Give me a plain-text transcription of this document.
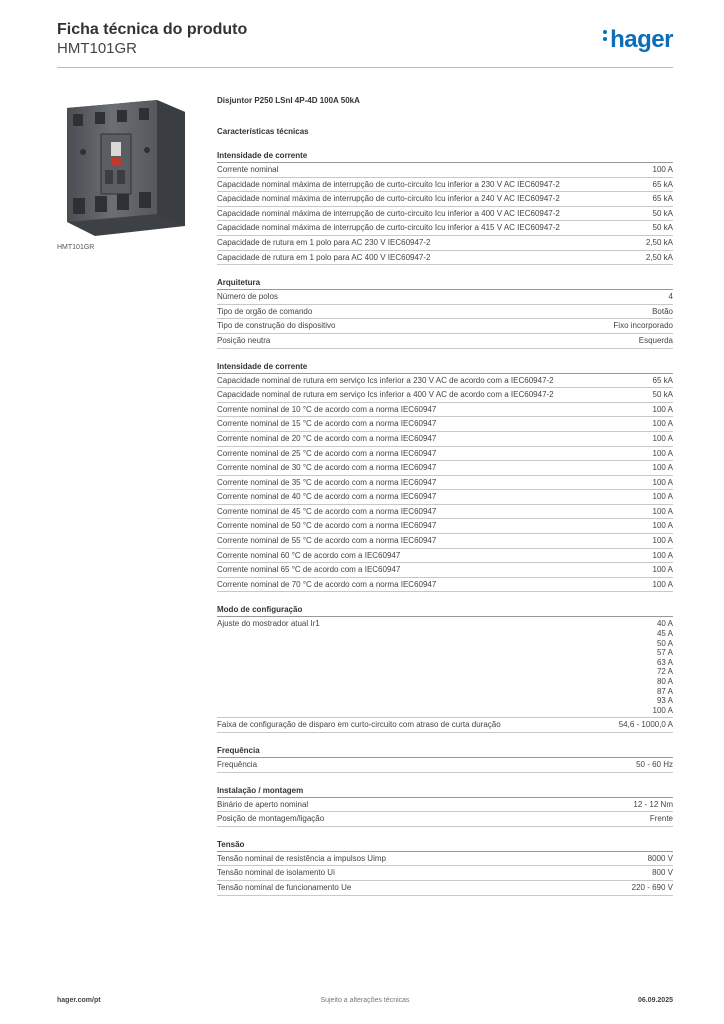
Ficha técnica do produto
HMT101GR	hager
HMT101GR
Disjuntor P250 LSnI 4P-4D 100A 50kA
Características técnicas
Intensidade de corrente
Corrente nominal	100 A
Capacidade nominal máxima de interrupção de curto-circuito Icu inferior a 230 V AC IEC60947-2	65 kA
Capacidade nominal máxima de interrupção de curto-circuito Icu inferior a 240 V AC IEC60947-2	65 kA
Capacidade nominal máxima de interrupção de curto-circuito Icu inferior a 400 V AC IEC60947-2	50 kA
Capacidade nominal máxima de interrupção de curto-circuito Icu inferior a 415 V AC IEC60947-2	50 kA
Capacidade de rutura em 1 polo para AC 230 V IEC60947-2	2,50 kA
Capacidade de rutura em 1 polo para AC 400 V IEC60947-2	2,50 kA
Arquitetura
Número de polos	4
Tipo de orgão de comando	Botão
Tipo de construção do dispositivo	Fixo incorporado
Posição neutra	Esquerda
Intensidade de corrente
Capacidade nominal de rutura em serviço Ics inferior a 230 V AC de acordo com a IEC60947-2	65 kA
Capacidade nominal de rutura em serviço Ics inferior a 400 V AC de acordo com a IEC60947-2	50 kA
Corrente nominal de 10 °C de acordo com a norma IEC60947	100 A
Corrente nominal de 15 °C de acordo com a norma IEC60947	100 A
Corrente nominal de 20 °C de acordo com a norma IEC60947	100 A
Corrente nominal de 25 °C de acordo com a norma IEC60947	100 A
Corrente nominal de 30 °C de acordo com a norma IEC60947	100 A
Corrente nominal de 35 °C de acordo com a norma IEC60947	100 A
Corrente nominal de 40 °C de acordo com a norma IEC60947	100 A
Corrente nominal de 45 °C de acordo com a norma IEC60947	100 A
Corrente nominal de 50 °C de acordo com a norma IEC60947	100 A
Corrente nominal de 55 °C de acordo com a norma IEC60947	100 A
Corrente nominal 60 °C de acordo com a IEC60947	100 A
Corrente nominal 65 °C de acordo com a IEC60947	100 A
Corrente nominal de 70 °C de acordo com a norma IEC60947	100 A
Modo de configuração
Ajuste do mostrador atual Ir1	40 A
45 A
50 A
57 A
63 A
72 A
80 A
87 A
93 A
100 A
Faixa de configuração de disparo em curto-circuito com atraso de curta duração	54,6 - 1000,0 A
Frequência
Frequência	50 - 60 Hz
Instalação / montagem
Binário de aperto nominal	12 - 12 Nm
Posição de montagem/ligação	Frente
Tensão
Tensão nominal de resistência a impulsos Uimp	8000 V
Tensão nominal de isolamento Ui	800 V
Tensão nominal de funcionamento Ue	220 - 690 V
hager.com/pt	Sujeito a alterações técnicas	06.09.2025
